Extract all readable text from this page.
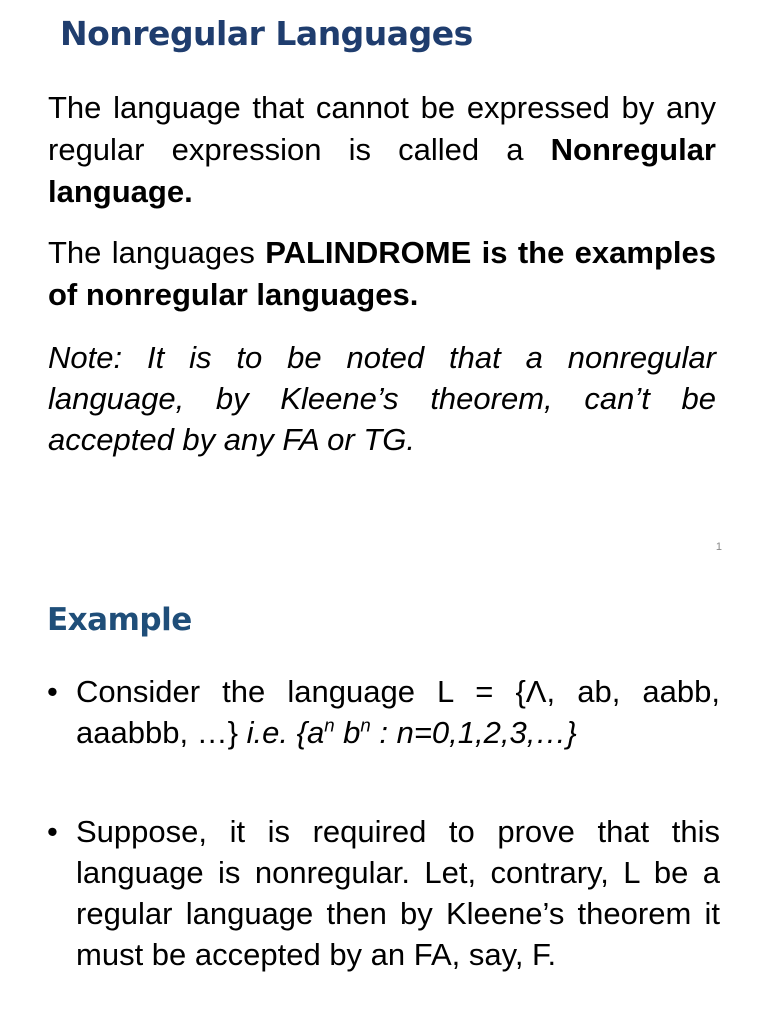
Nonregular Languages

The language that cannot be expressed by any regular expression is called a Nonregular language.

The languages PALINDROME is the examples of nonregular languages.

Note: It is to be noted that a nonregular language, by Kleene’s theorem, can’t be accepted by any FA or TG.

1
Example
• Consider the language L = {Λ, ab, aabb, aaabbb, …} i.e. {$a^n$ $b^n$ : n=0,1,2,3,…}
• Suppose, it is required to prove that this language is nonregular. Let, contrary, L be a regular language then by Kleene’s theorem it must be accepted by an FA, say, F.
